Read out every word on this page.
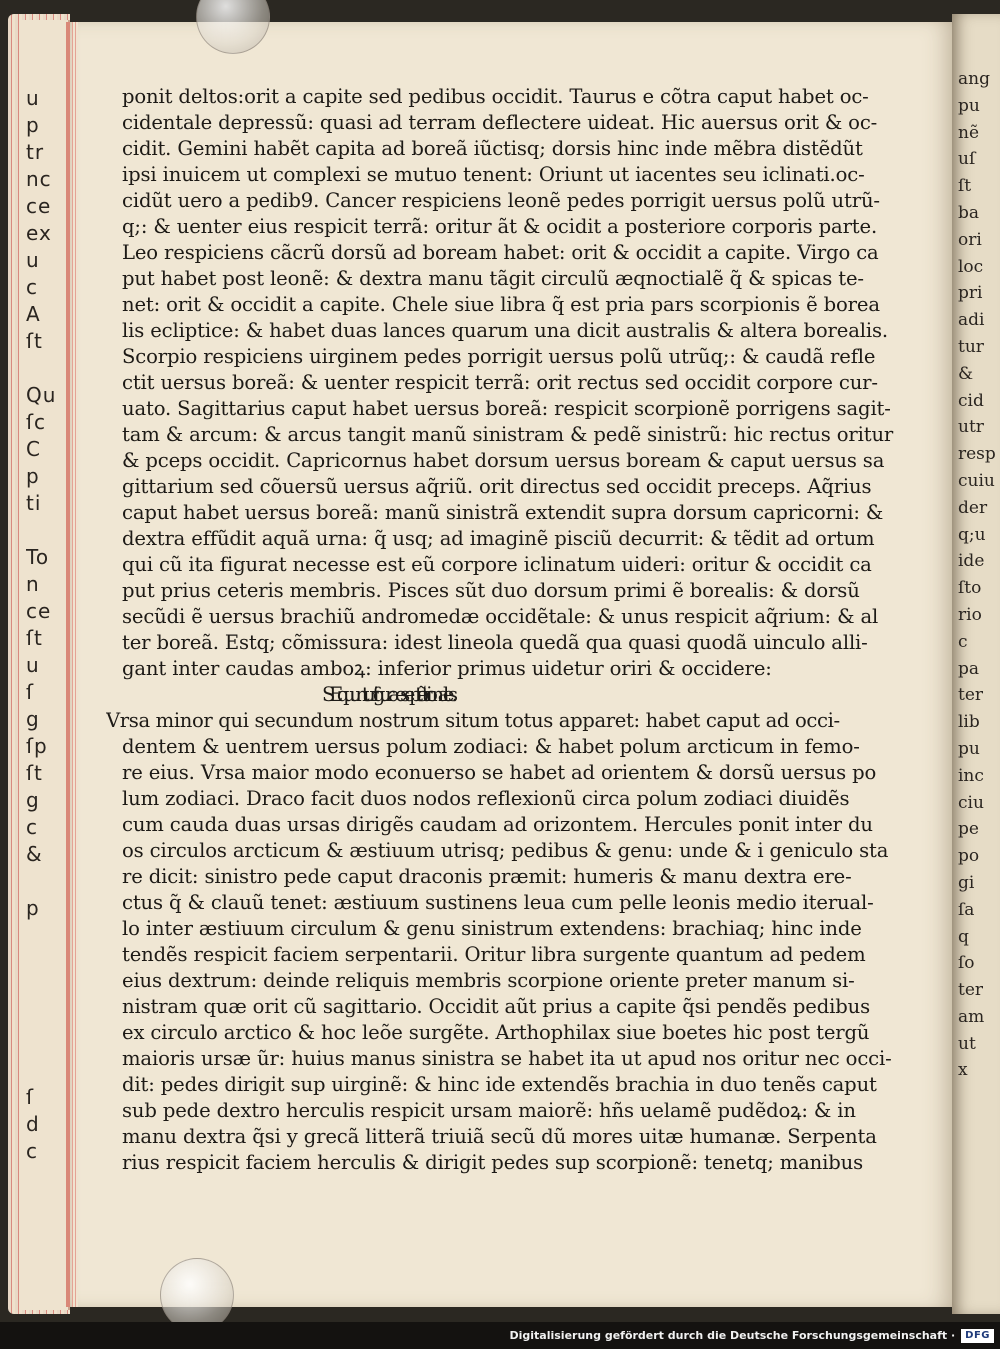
u
p
tr
nc
ce
ex
u
c
A
ſt
Qu
ſc
C
p
ti
To
n
ce
ſt
u
ſ
g
ſp
ſt
g
c
&
p
ſ
d
c
ponit deltos:orit a capite sed pedibus occidit. Taurus e cõtra caput habet oc-
cidentale depressũ: quasi ad terram deflectere uideat. Hic auersus orit & oc-
cidit. Gemini habẽt capita ad boreã iũctisq; dorsis hinc inde mẽbra distẽdũt
ipsi inuicem ut complexi se mutuo tenent: Oriunt ut iacentes seu iclinati.oc-
cidũt uero a pedib9. Cancer respiciens leonẽ pedes porrigit uersus polũ utrũ-
q;: & uenter eius respicit terrã: oritur ãt & ocidit a posteriore corporis parte.
Leo respiciens cãcrũ dorsũ ad boream habet: orit & occidit a capite. Virgo ca
put habet post leonẽ: & dextra manu tãgit circulũ æqnoctialẽ q̃ & spicas te-
net: orit & occidit a capite. Chele siue libra q̃ est pria pars scorpionis ẽ borea
lis ecliptice: & habet duas lances quarum una dicit australis & altera borealis.
Scorpio respiciens uirginem pedes porrigit uersus polũ utrũq;: & caudã refle
ctit uersus boreã: & uenter respicit terrã: orit rectus sed occidit corpore cur-
uato. Sagittarius caput habet uersus boreã: respicit scorpionẽ porrigens sagit-
tam & arcum: & arcus tangit manũ sinistram & pedẽ sinistrũ: hic rectus oritur
& pceps occidit. Capricornus habet dorsum uersus boream & caput uersus sa
gittarium sed cõuersũ uersus aq̃riũ. orit directus sed occidit preceps. Aq̃rius
caput habet uersus boreã: manũ sinistrã extendit supra dorsum capricorni: &
dextra effũdit aquã urna: q̃ usq; ad imaginẽ pisciũ decurrit: & tẽdit ad ortum
qui cũ ita figurat necesse est eũ corpore iclinatum uideri: oritur & occidit ca
put prius ceteris membris. Pisces sũt duo dorsum primi ẽ borealis: & dorsũ
secũdi ẽ uersus brachiũ andromedæ occidẽtale: & unus respicit aq̃rium: & al
ter boreã. Estq; cõmissura: idest lineola quedã qua quasi quodã uinculo alli-
gant inter caudas amboꝝ: inferior primus uidetur oriri & occidere:
SEquuntur figuræ septẽtrionales.
Vrsa minor qui secundum nostrum situm totus apparet: habet caput ad occi-
dentem & uentrem uersus polum zodiaci: & habet polum arcticum in femo-
re eius. Vrsa maior modo econuerso se habet ad orientem & dorsũ uersus po
lum zodiaci. Draco facit duos nodos reflexionũ circa polum zodiaci diuidẽs
cum cauda duas ursas dirigẽs caudam ad orizontem. Hercules ponit inter du
os circulos arcticum & æstiuum utrisq; pedibus & genu: unde & i geniculo sta
re dicit: sinistro pede caput draconis præmit: humeris & manu dextra ere-
ctus q̃ & clauũ tenet: æstiuum sustinens leua cum pelle leonis medio iterual-
lo inter æstiuum circulum & genu sinistrum extendens: brachiaq; hinc inde
tendẽs respicit faciem serpentarii. Oritur libra surgente quantum ad pedem
eius dextrum: deinde reliquis membris scorpione oriente preter manum si-
nistram quæ orit cũ sagittario. Occidit aũt prius a capite q̃si pendẽs pedibus
ex circulo arctico & hoc leõe surgẽte. Arthophilax siue boetes hic post tergũ
maioris ursæ ũr: huius manus sinistra se habet ita ut apud nos oritur nec occi-
dit: pedes dirigit sup uirginẽ: & hinc ide extendẽs brachia in duo tenẽs caput
sub pede dextro herculis respicit ursam maiorẽ: hñs uelamẽ pudẽdoꝝ: & in
manu dextra q̃si y grecã litterã triuiã secũ dũ mores uitæ humanæ. Serpenta
rius respicit faciem herculis & dirigit pedes sup scorpionẽ: tenetq; manibus
ang
pu
nẽ
uſ
ſt
ba
ori
loc
pri
adi
tur
&
cid
utr
resp
cuiu
der
q;u
ide
ſto
rio
c
pa
ter
lib
pu
inc
ciu
pe
po
gi
ſa
q
ſo
ter
am
ut
x
Digitalisierung gefördert durch die Deutsche Forschungsgemeinschaft ·	DFG
